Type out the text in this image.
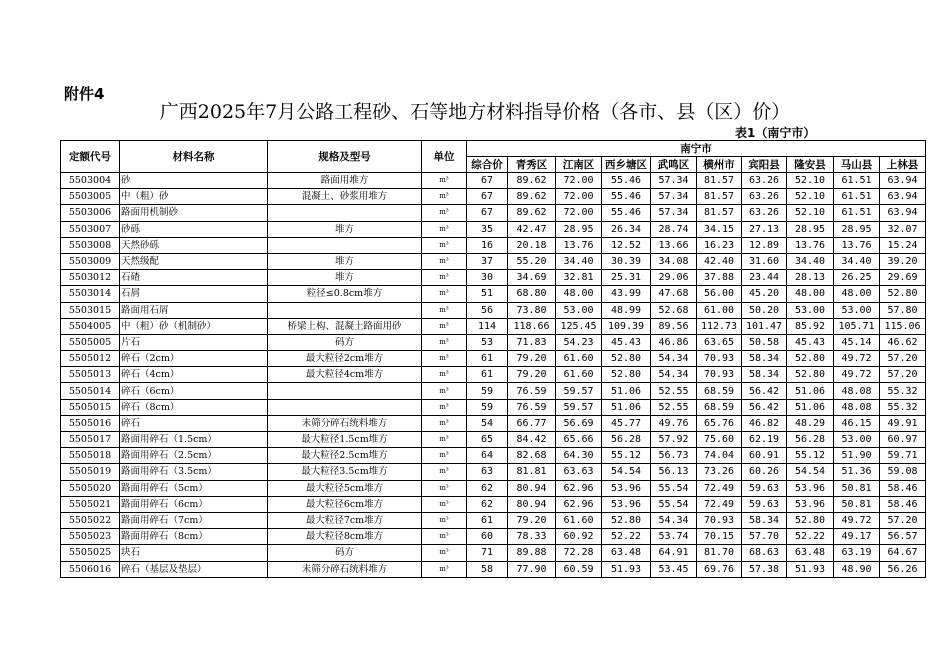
附件4
广西2025年7月公路工程砂、石等地方材料指导价格（各市、县（区）价）
表1（南宁市）
定额代号	材料名称	规格及型号	单位	南宁市									
				综合价	青秀区	江南区	西乡塘区	武鸣区	横州市	宾阳县	隆安县	马山县	上林县
5503004	砂	路面用堆方	m³	67	89.62	72.00	55.46	57.34	81.57	63.26	52.10	61.51	63.94
5503005	中（粗）砂	混凝土、砂浆用堆方	m³	67	89.62	72.00	55.46	57.34	81.57	63.26	52.10	61.51	63.94
5503006	路面用机制砂		m³	67	89.62	72.00	55.46	57.34	81.57	63.26	52.10	61.51	63.94
5503007	砂砾	堆方	m³	35	42.47	28.95	26.34	28.74	34.15	27.13	28.95	28.95	32.07
5503008	天然砂砾		m³	16	20.18	13.76	12.52	13.66	16.23	12.89	13.76	13.76	15.24
5503009	天然级配	堆方	m³	37	55.20	34.40	30.39	34.08	42.40	31.60	34.40	34.40	39.20
5503012	石碴	堆方	m³	30	34.69	32.81	25.31	29.06	37.88	23.44	28.13	26.25	29.69
5503014	石屑	粒径≤0.8cm堆方	m³	51	68.80	48.00	43.99	47.68	56.00	45.20	48.00	48.00	52.80
5503015	路面用石屑		m³	56	73.80	53.00	48.99	52.68	61.00	50.20	53.00	53.00	57.80
5504005	中（粗）砂（机制砂）	桥梁上构、混凝土路面用砂	m³	114	118.66	125.45	109.39	89.56	112.73	101.47	85.92	105.71	115.06
5505005	片石	码方	m³	53	71.83	54.23	45.43	46.86	63.65	50.58	45.43	45.14	46.62
5505012	碎石（2cm）	最大粒径2cm堆方	m³	61	79.20	61.60	52.80	54.34	70.93	58.34	52.80	49.72	57.20
5505013	碎石（4cm）	最大粒径4cm堆方	m³	61	79.20	61.60	52.80	54.34	70.93	58.34	52.80	49.72	57.20
5505014	碎石（6cm）		m³	59	76.59	59.57	51.06	52.55	68.59	56.42	51.06	48.08	55.32
5505015	碎石（8cm）		m³	59	76.59	59.57	51.06	52.55	68.59	56.42	51.06	48.08	55.32
5505016	碎石	未筛分碎石统料堆方	m³	54	66.77	56.69	45.77	49.76	65.76	46.82	48.29	46.15	49.91
5505017	路面用碎石（1.5cm）	最大粒径1.5cm堆方	m³	65	84.42	65.66	56.28	57.92	75.60	62.19	56.28	53.00	60.97
5505018	路面用碎石（2.5cm）	最大粒径2.5cm堆方	m³	64	82.68	64.30	55.12	56.73	74.04	60.91	55.12	51.90	59.71
5505019	路面用碎石（3.5cm）	最大粒径3.5cm堆方	m³	63	81.81	63.63	54.54	56.13	73.26	60.26	54.54	51.36	59.08
5505020	路面用碎石（5cm）	最大粒径5cm堆方	m³	62	80.94	62.96	53.96	55.54	72.49	59.63	53.96	50.81	58.46
5505021	路面用碎石（6cm）	最大粒径6cm堆方	m³	62	80.94	62.96	53.96	55.54	72.49	59.63	53.96	50.81	58.46
5505022	路面用碎石（7cm）	最大粒径7cm堆方	m³	61	79.20	61.60	52.80	54.34	70.93	58.34	52.80	49.72	57.20
5505023	路面用碎石（8cm）	最大粒径8cm堆方	m³	60	78.33	60.92	52.22	53.74	70.15	57.70	52.22	49.17	56.57
5505025	块石	码方	m³	71	89.88	72.28	63.48	64.91	81.70	68.63	63.48	63.19	64.67
5506016	碎石（基层及垫层）	未筛分碎石统料堆方	m³	58	77.90	60.59	51.93	53.45	69.76	57.38	51.93	48.90	56.26
